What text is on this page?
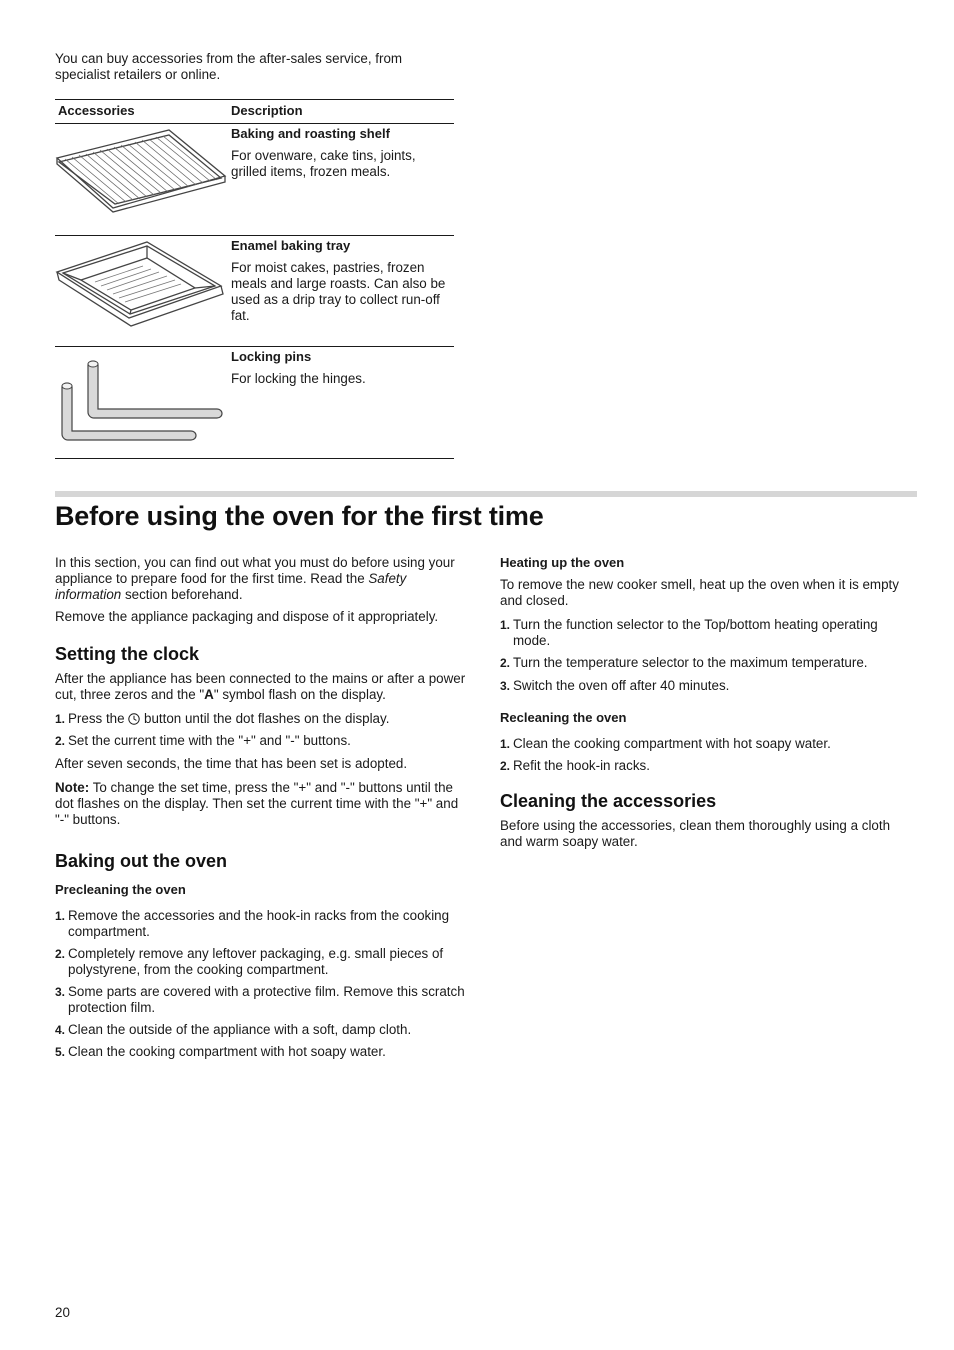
You can buy accessories from the after-sales service, from specialist retailers or online.

Accessories	Description
Baking and roasting shelf
For ovenware, cake tins, joints, grilled items, frozen meals.
Enamel baking tray
For moist cakes, pastries, frozen meals and large roasts. Can also be used as a drip tray to collect run-off fat.
Locking pins
For locking the hinges.
Before using the oven for the first time

In this section, you can find out what you must do before using your appliance to prepare food for the first time. Read the Safety information section beforehand.

Remove the appliance packaging and dispose of it appropriately.

Setting the clock

After the appliance has been connected to the mains or after a power cut, three zeros and the "A" symbol flash on the display.

1. Press the  button until the dot flashes on the display.
2. Set the current time with the "+" and "-" buttons.

After seven seconds, the time that has been set is adopted.

Note: To change the set time, press the "+" and "-" buttons until the dot flashes on the display. Then set the current time with the "+" and "-" buttons.

Baking out the oven
Precleaning the oven
1. Remove the accessories and the hook-in racks from the cooking compartment.
2. Completely remove any leftover packaging, e.g. small pieces of polystyrene, from the cooking compartment.
3. Some parts are covered with a protective film. Remove this scratch protection film.
4. Clean the outside of the appliance with a soft, damp cloth.
5. Clean the cooking compartment with hot soapy water.
Heating up the oven

To remove the new cooker smell, heat up the oven when it is empty and closed.

1. Turn the function selector to the Top/bottom heating operating mode.
2. Turn the temperature selector to the maximum temperature.
3. Switch the oven off after 40 minutes.
Recleaning the oven
1. Clean the cooking compartment with hot soapy water.
2. Refit the hook-in racks.
Cleaning the accessories

Before using the accessories, clean them thoroughly using a cloth and warm soapy water.

20
